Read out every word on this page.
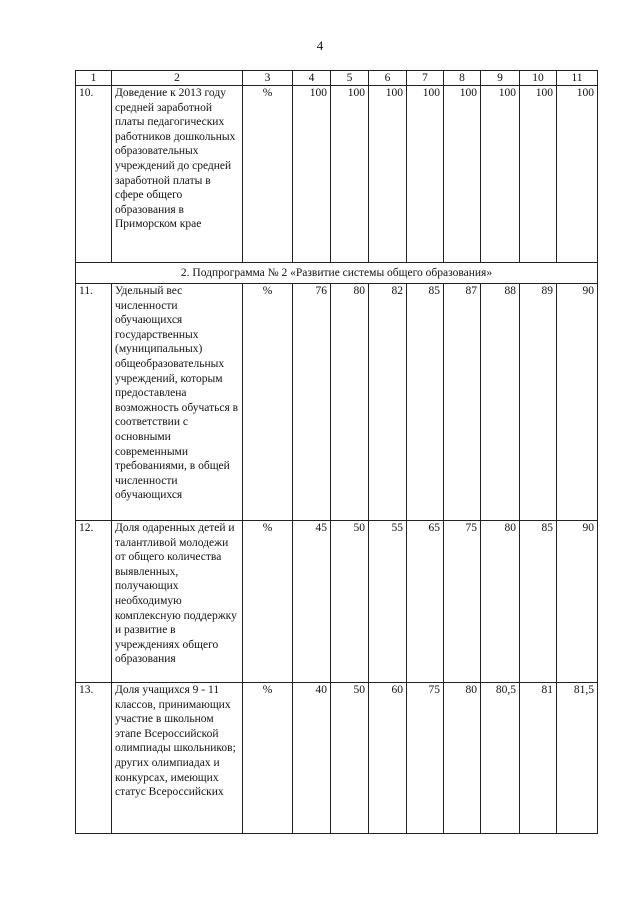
4
1	2	3	4	5	6	7	8	9	10	11
10.	Доведение к 2013 году средней заработной платы педагогических работников дошкольных образовательных учреждений до средней заработной платы в сфере общего образования в Приморском крае	%	100	100	100	100	100	100	100	100
2. Подпрограмма № 2 «Развитие системы общего образования»										
11.	Удельный вес численности обучающихся государственных (муниципальных) общеобразовательных учреждений, которым предоставлена возможность обучаться в соответствии с основными современными требованиями, в общей численности обучающихся	%	76	80	82	85	87	88	89	90
12.	Доля одаренных детей и талантливой молодежи от общего количества выявленных, получающих необходимую комплексную поддержку и развитие в учреждениях общего образования	%	45	50	55	65	75	80	85	90
13.	Доля учащихся 9 - 11 классов, принимающих участие в школьном этапе Всероссийской олимпиады школьников; других олимпиадах и конкурсах, имеющих статус Всероссийских	%	40	50	60	75	80	80,5	81	81,5
